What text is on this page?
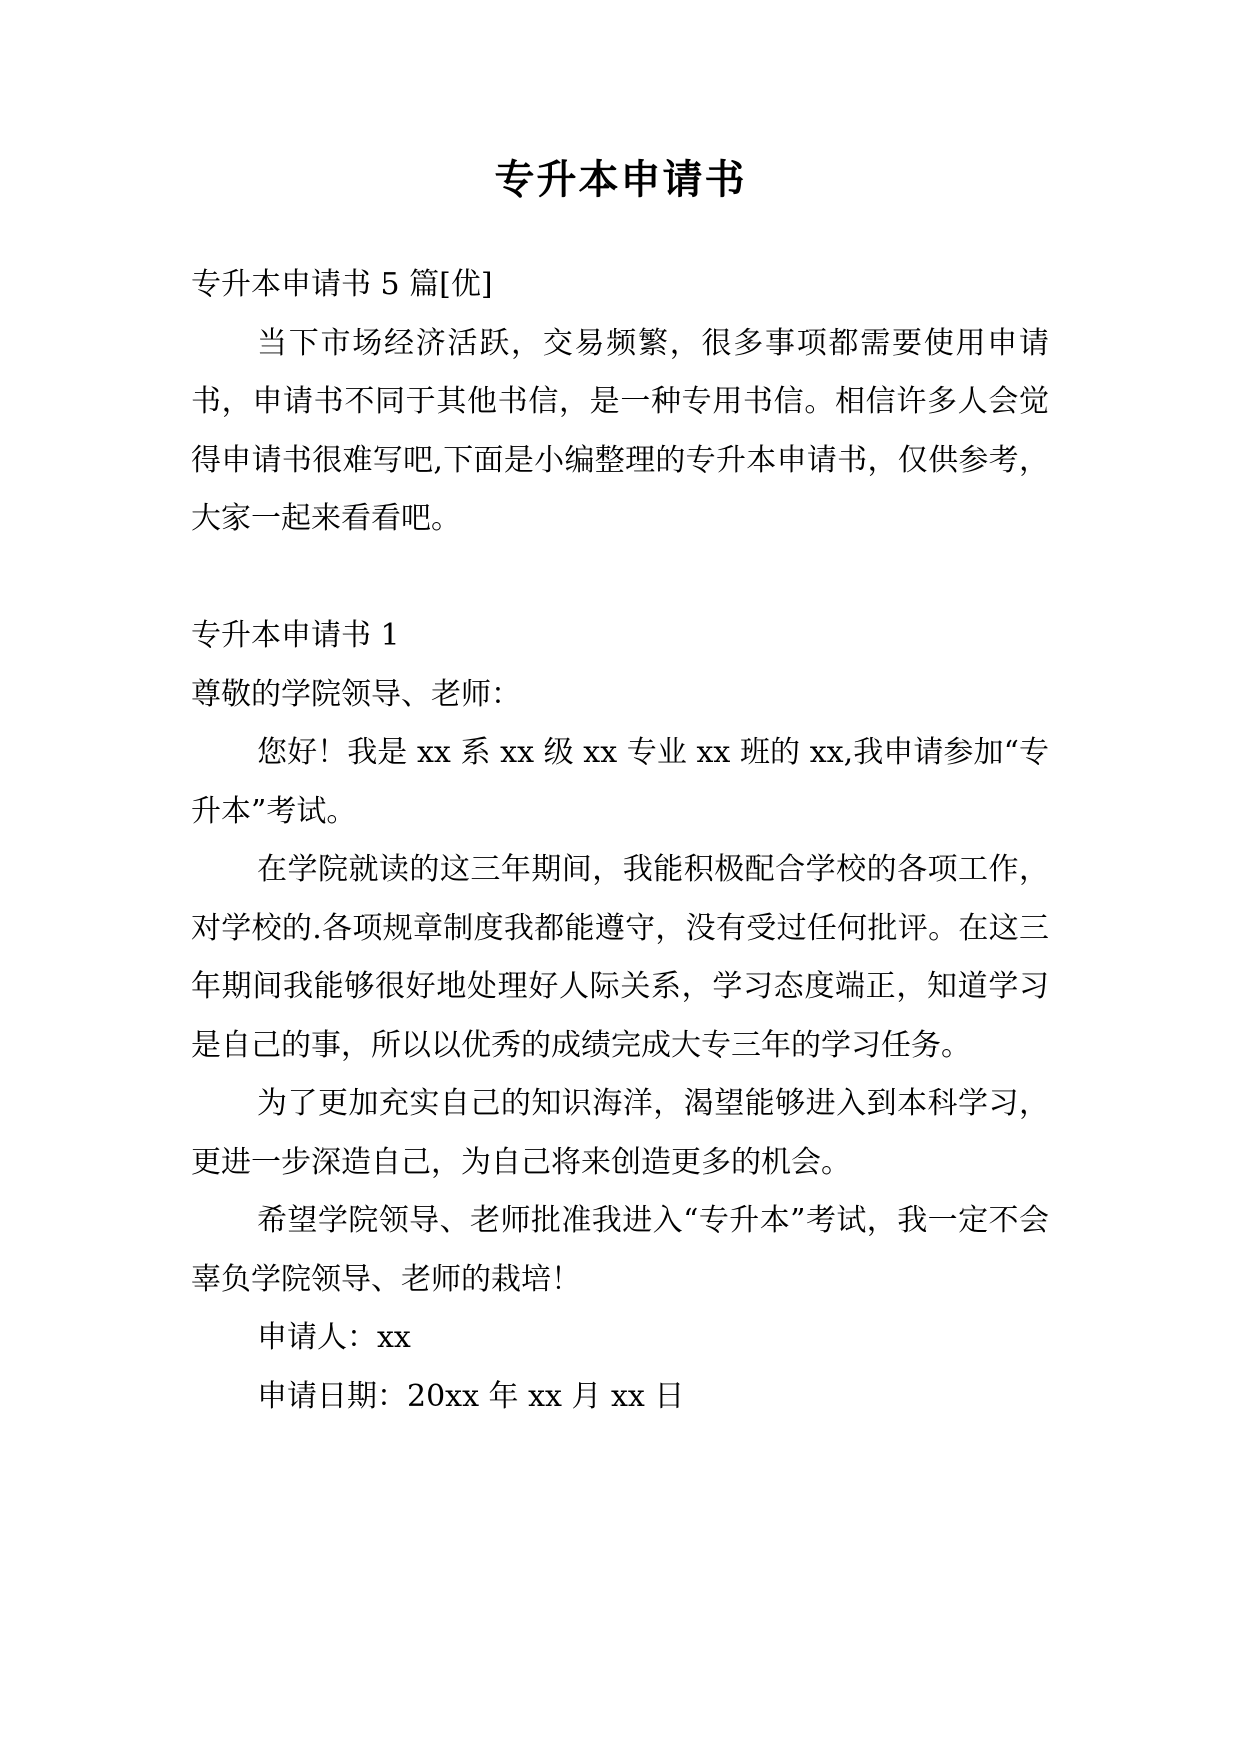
专升本申请书

专升本申请书 5 篇[优]

当下市场经济活跃，交易频繁，很多事项都需要使用申请书，申请书不同于其他书信，是一种专用书信。相信许多人会觉得申请书很难写吧,下面是小编整理的专升本申请书，仅供参考，大家一起来看看吧。

专升本申请书 1

尊敬的学院领导、老师：

您好！我是 xx 系 xx 级 xx 专业 xx 班的 xx,我申请参加“专升本”考试。

在学院就读的这三年期间，我能积极配合学校的各项工作，对学校的.各项规章制度我都能遵守，没有受过任何批评。在这三年期间我能够很好地处理好人际关系，学习态度端正，知道学习是自己的事，所以以优秀的成绩完成大专三年的学习任务。

为了更加充实自己的知识海洋，渴望能够进入到本科学习，更进一步深造自己，为自己将来创造更多的机会。

希望学院领导、老师批准我进入“专升本”考试，我一定不会辜负学院领导、老师的栽培！

申请人：xx

申请日期：20xx 年 xx 月 xx 日
